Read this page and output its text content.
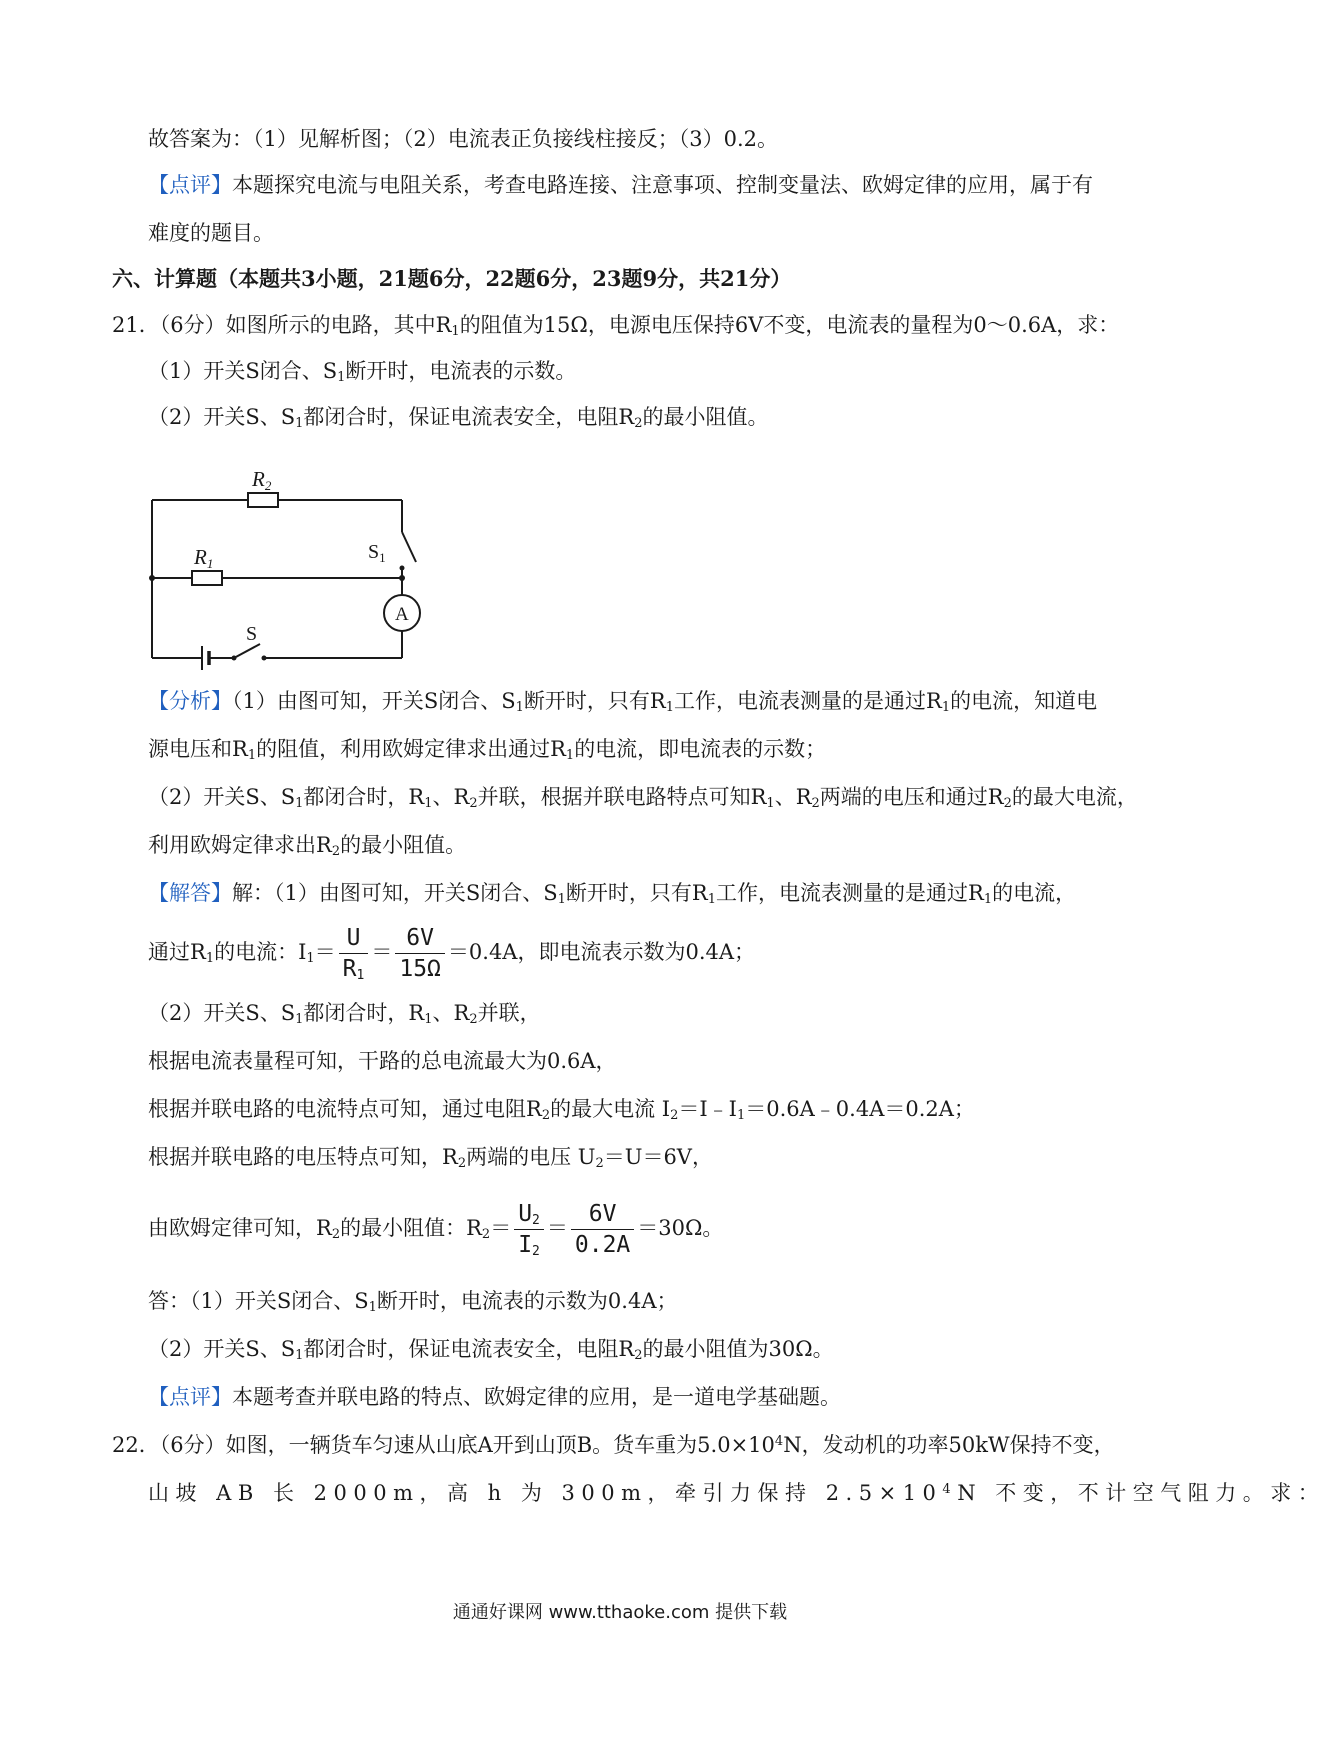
故答案为：（1）见解析图；（2）电流表正负接线柱接反；（3）0.2。
【点评】本题探究电流与电阻关系，考查电路连接、注意事项、控制变量法、欧姆定律的应用，属于有
难度的题目。
六、计算题（本题共3小题，21题6分，22题6分，23题9分，共21分）
21．（6分）如图所示的电路，其中$R_1$的阻值为15Ω，电源电压保持6V不变，电流表的量程为0～0.6A，求：
（1）开关S闭合、$S_1$断开时，电流表的示数。
（2）开关S、$S_1$都闭合时，保证电流表安全，电阻$R_2$的最小阻值。
R2
R1
$S_1$
S
A
【分析】（1）由图可知，开关S闭合、$S_1$断开时，只有$R_1$工作，电流表测量的是通过$R_1$的电流，知道电
源电压和$R_1$的阻值，利用欧姆定律求出通过$R_1$的电流，即电流表的示数；
（2）开关S、$S_1$都闭合时，$R_1$、$R_2$并联，根据并联电路特点可知$R_1$、$R_2$两端的电压和通过$R_2$的最大电流，
利用欧姆定律求出$R_2$的最小阻值。
【解答】解：（1）由图可知，开关S闭合、$S_1$断开时，只有$R_1$工作，电流表测量的是通过$R_1$的电流，
通过$R_1$的电流：$I_1= \frac{U}{R_1} = \frac{6V}{15\Omega} =0.4A$，即电流表示数为0.4A；
（2）开关S、$S_1$都闭合时，$R_1$、$R_2$并联，
根据电流表量程可知，干路的总电流最大为0.6A，
根据并联电路的电流特点可知，通过电阻$R_2$的最大电流 $I_2=I﹣I_1=0.6A﹣0.4A=0.2A$；
根据并联电路的电压特点可知，$R_2$两端的电压 $U_2=U=6V$，
由欧姆定律可知，$R_2$的最小阻值：$R_2= \frac{U_2}{I_2} = \frac{6V}{0.2A} =30\Omega$。
答：（1）开关S闭合、$S_1$断开时，电流表的示数为0.4A；
（2）开关S、$S_1$都闭合时，保证电流表安全，电阻$R_2$的最小阻值为30Ω。
【点评】本题考查并联电路的特点、欧姆定律的应用，是一道电学基础题。
22．（6分）如图，一辆货车匀速从山底A开到山顶B。货车重为$5.0\times 10^4N$，发动机的功率50kW保持不变，
山坡 AB 长 2000m，高 h 为 300m，牵引力保持 $2.5\times 10^4N$ 不变，不计空气阻力。求：
通通好课网 www.tthaoke.com 提供下载
